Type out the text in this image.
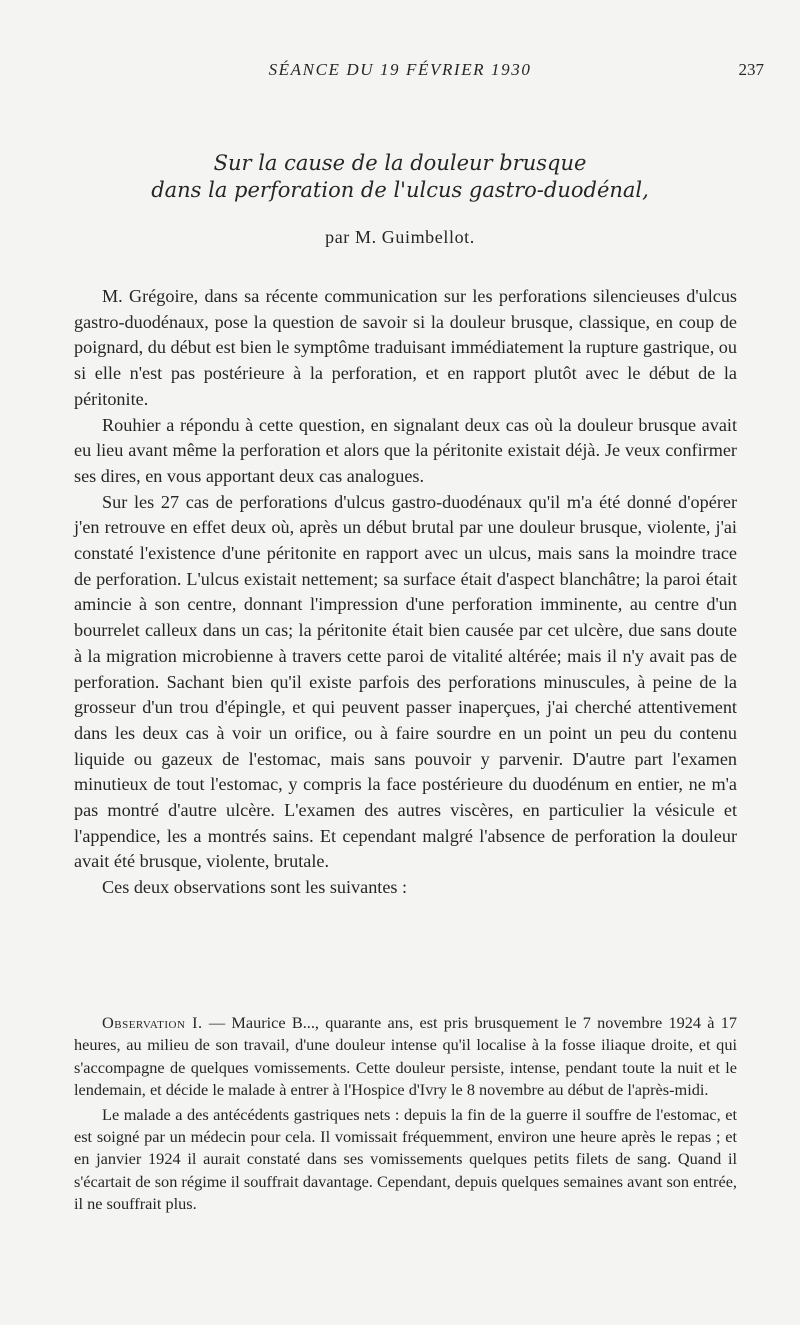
SÉANCE DU 19 FÉVRIER 1930	237
Sur la cause de la douleur brusque
dans la perforation de l'ulcus gastro-duodénal,
par M. Guimbellot.

M. Grégoire, dans sa récente communication sur les perforations silencieuses d'ulcus gastro-duodénaux, pose la question de savoir si la douleur brusque, classique, en coup de poignard, du début est bien le symptôme traduisant immédiatement la rupture gastrique, ou si elle n'est pas postérieure à la perforation, et en rapport plutôt avec le début de la péritonite.

Rouhier a répondu à cette question, en signalant deux cas où la douleur brusque avait eu lieu avant même la perforation et alors que la péritonite existait déjà. Je veux confirmer ses dires, en vous apportant deux cas analogues.

Sur les 27 cas de perforations d'ulcus gastro-duodénaux qu'il m'a été donné d'opérer j'en retrouve en effet deux où, après un début brutal par une douleur brusque, violente, j'ai constaté l'existence d'une péritonite en rapport avec un ulcus, mais sans la moindre trace de perforation. L'ulcus existait nettement; sa surface était d'aspect blanchâtre; la paroi était amincie à son centre, donnant l'impression d'une perforation imminente, au centre d'un bourrelet calleux dans un cas; la péritonite était bien causée par cet ulcère, due sans doute à la migration microbienne à travers cette paroi de vitalité altérée; mais il n'y avait pas de perforation. Sachant bien qu'il existe parfois des perforations minuscules, à peine de la grosseur d'un trou d'épingle, et qui peuvent passer inaperçues, j'ai cherché attentivement dans les deux cas à voir un orifice, ou à faire sourdre en un point un peu du contenu liquide ou gazeux de l'estomac, mais sans pouvoir y parvenir. D'autre part l'examen minutieux de tout l'estomac, y compris la face postérieure du duodénum en entier, ne m'a pas montré d'autre ulcère. L'examen des autres viscères, en particulier la vésicule et l'appendice, les a montrés sains. Et cependant malgré l'absence de perforation la douleur avait été brusque, violente, brutale.

Ces deux observations sont les suivantes :

Observation I. — Maurice B..., quarante ans, est pris brusquement le 7 novembre 1924 à 17 heures, au milieu de son travail, d'une douleur intense qu'il localise à la fosse iliaque droite, et qui s'accompagne de quelques vomissements. Cette douleur persiste, intense, pendant toute la nuit et le lendemain, et décide le malade à entrer à l'Hospice d'Ivry le 8 novembre au début de l'après-midi.

Le malade a des antécédents gastriques nets : depuis la fin de la guerre il souffre de l'estomac, et est soigné par un médecin pour cela. Il vomissait fréquemment, environ une heure après le repas ; et en janvier 1924 il aurait constaté dans ses vomissements quelques petits filets de sang. Quand il s'écartait de son régime il souffrait davantage. Cependant, depuis quelques semaines avant son entrée, il ne souffrait plus.
